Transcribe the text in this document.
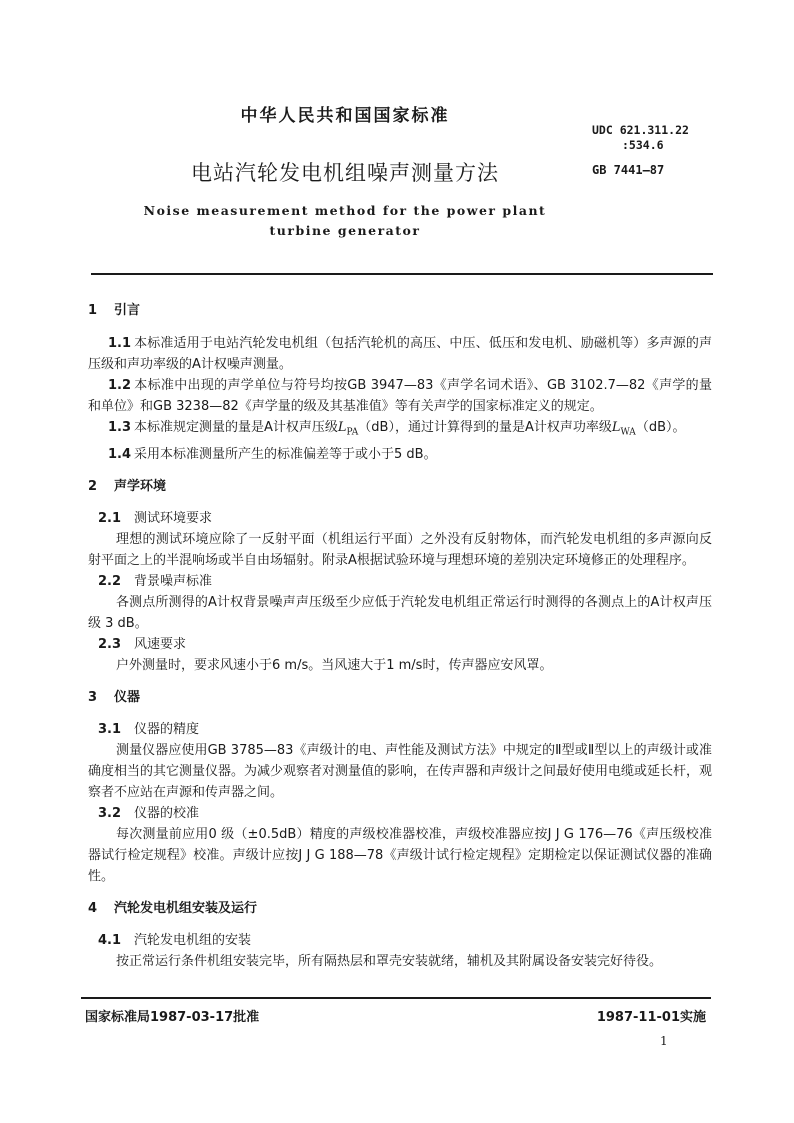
中华人民共和国国家标准
UDC 621.311.22
:534.6
电站汽轮发电机组噪声测量方法	GB 7441—87
Noise measurement method for the power plant
turbine generator
1 引言

1.1 本标准适用于电站汽轮发电机组（包括汽轮机的高压、中压、低压和发电机、励磁机等）多声源的声压级和声功率级的A计权噪声测量。

1.2 本标准中出现的声学单位与符号均按GB 3947—83《声学名词术语》、GB 3102.7—82《声学的量和单位》和GB 3238—82《声学量的级及其基准值》等有关声学的国家标准定义的规定。

1.3 本标准规定测量的量是A计权声压级$L_{PA}(dB)$，通过计算得到的量是A计权声功率级$L_{WA}(dB)$。

1.4 采用本标准测量所产生的标准偏差等于或小于5 dB。

2 声学环境

2.1 测试环境要求

理想的测试环境应除了一反射平面（机组运行平面）之外没有反射物体，而汽轮发电机组的多声源向反射平面之上的半混响场或半自由场辐射。附录A根据试验环境与理想环境的差别决定环境修正的处理程序。

2.2 背景噪声标准

各测点所测得的A计权背景噪声声压级至少应低于汽轮发电机组正常运行时测得的各测点上的A计权声压级 3 dB。

2.3 风速要求

户外测量时，要求风速小于6 m/s。当风速大于1 m/s时，传声器应安风罩。

3 仪器

3.1 仪器的精度

测量仪器应使用GB 3785—83《声级计的电、声性能及测试方法》中规定的Ⅱ型或Ⅱ型以上的声级计或准确度相当的其它测量仪器。为减少观察者对测量值的影响，在传声器和声级计之间最好使用电缆或延长杆，观察者不应站在声源和传声器之间。

3.2 仪器的校准

每次测量前应用0 级（±0.5dB）精度的声级校准器校准，声级校准器应按J J G 176—76《声压级校准器试行检定规程》校准。声级计应按J J G 188—78《声级计试行检定规程》定期检定以保证测试仪器的准确性。

4 汽轮发电机组安装及运行

4.1 汽轮发电机组的安装

按正常运行条件机组安装完毕，所有隔热层和罩壳安装就绪，辅机及其附属设备安装完好待役。

国家标准局1987-03-17批准	1987-11-01实施
1
